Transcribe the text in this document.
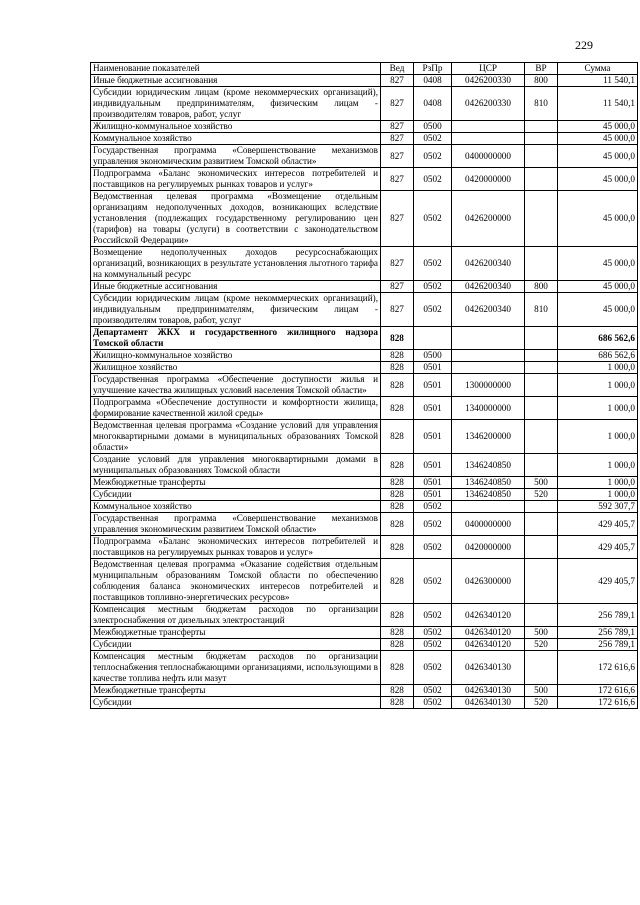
229
Наименование показателей	Вед	РзПр	ЦСР	ВР	Сумма
Иные бюджетные ассигнования	827	0408	0426200330	800	11 540,1
Субсидии юридическим лицам (кроме некоммерческих организаций), индивидуальным предпринимателям, физическим лицам - производителям товаров, работ, услуг	827	0408	0426200330	810	11 540,1
Жилищно-коммунальное хозяйство	827	0500			45 000,0
Коммунальное хозяйство	827	0502			45 000,0
Государственная программа «Совершенствование механизмов управления экономическим развитием Томской области»	827	0502	0400000000		45 000,0
Подпрограмма «Баланс экономических интересов потребителей и поставщиков на регулируемых рынках товаров и услуг»	827	0502	0420000000		45 000,0
Ведомственная целевая программа «Возмещение отдельным организациям недополученных доходов, возникающих вследствие установления (подлежащих государственному регулированию цен (тарифов) на товары (услуги) в соответствии с законодательством Российской Федерации»	827	0502	0426200000		45 000,0
Возмещение недополученных доходов ресурсоснабжающих организаций, возникающих в результате установления льготного тарифа на коммунальный ресурс	827	0502	0426200340		45 000,0
Иные бюджетные ассигнования	827	0502	0426200340	800	45 000,0
Субсидии юридическим лицам (кроме некоммерческих организаций), индивидуальным предпринимателям, физическим лицам - производителям товаров, работ, услуг	827	0502	0426200340	810	45 000,0
Департамент ЖКХ и государственного жилищного надзора Томской области	828				686 562,6
Жилищно-коммунальное хозяйство	828	0500			686 562,6
Жилищное хозяйство	828	0501			1 000,0
Государственная программа «Обеспечение доступности жилья и улучшение качества жилищных условий населения Томской области»	828	0501	1300000000		1 000,0
Подпрограмма «Обеспечение доступности и комфортности жилища, формирование качественной жилой среды»	828	0501	1340000000		1 000,0
Ведомственная целевая программа «Создание условий для управления многоквартирными домами в муниципальных образованиях Томской области»	828	0501	1346200000		1 000,0
Создание условий для управления многоквартирными домами в муниципальных образованиях Томской области	828	0501	1346240850		1 000,0
Межбюджетные трансферты	828	0501	1346240850	500	1 000,0
Субсидии	828	0501	1346240850	520	1 000,0
Коммунальное хозяйство	828	0502			592 307,7
Государственная программа «Совершенствование механизмов управления экономическим развитием Томской области»	828	0502	0400000000		429 405,7
Подпрограмма «Баланс экономических интересов потребителей и поставщиков на регулируемых рынках товаров и услуг»	828	0502	0420000000		429 405,7
Ведомственная целевая программа «Оказание содействия отдельным муниципальным образованиям Томской области по обеспечению соблюдения баланса экономических интересов потребителей и поставщиков топливно-энергетических ресурсов»	828	0502	0426300000		429 405,7
Компенсация местным бюджетам расходов по организации электроснабжения от дизельных электростанций	828	0502	0426340120		256 789,1
Межбюджетные трансферты	828	0502	0426340120	500	256 789,1
Субсидии	828	0502	0426340120	520	256 789,1
Компенсация местным бюджетам расходов по организации теплоснабжения теплоснабжающими организациями, использующими в качестве топлива нефть или мазут	828	0502	0426340130		172 616,6
Межбюджетные трансферты	828	0502	0426340130	500	172 616,6
Субсидии	828	0502	0426340130	520	172 616,6
